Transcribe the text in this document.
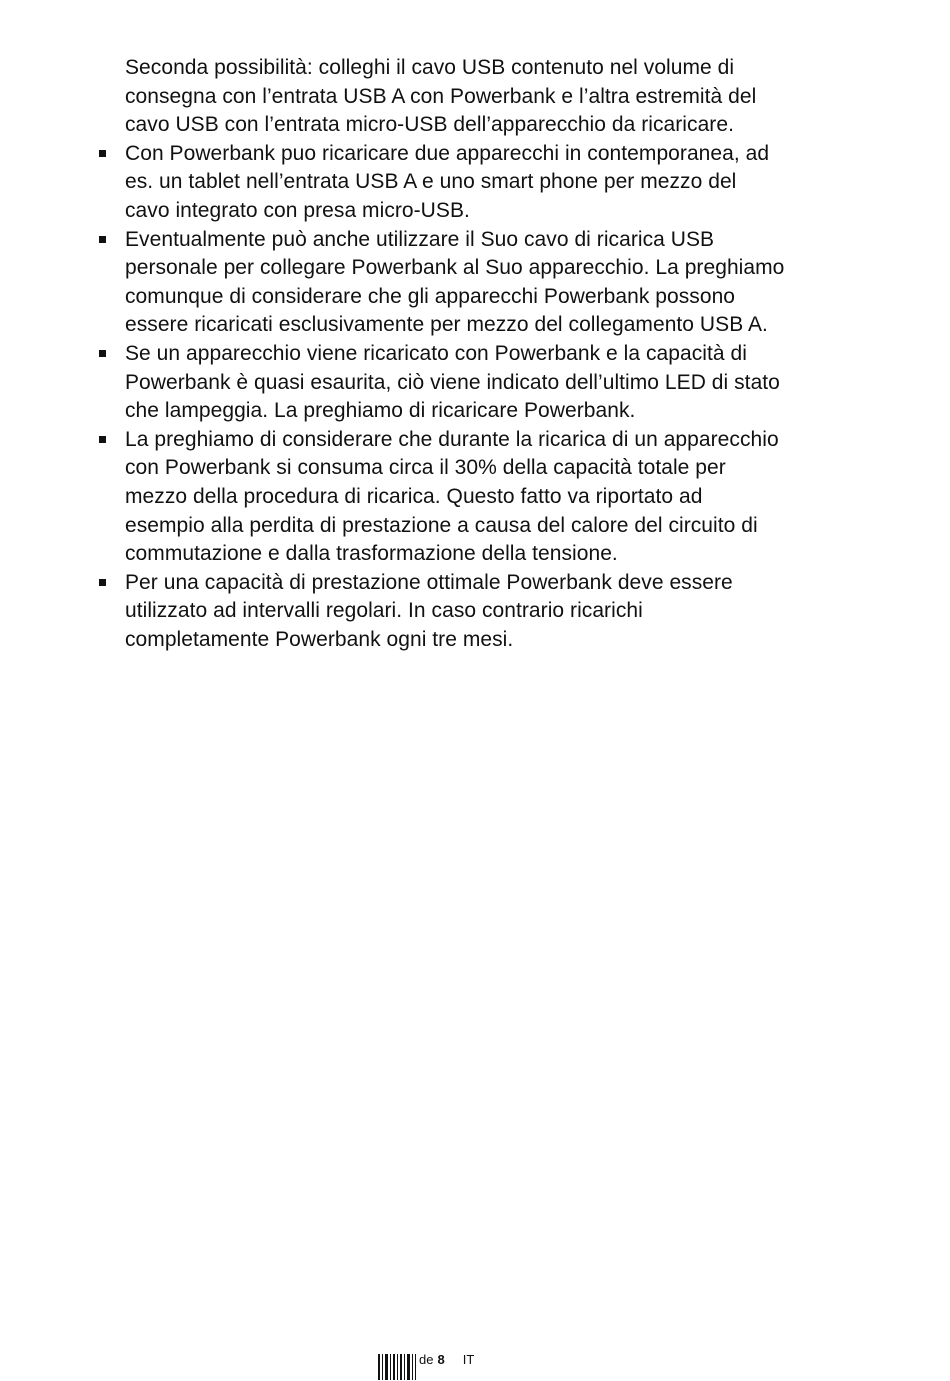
Seconda possibilità: colleghi il cavo USB contenuto nel volume di consegna con l’entrata USB A con Powerbank e l’altra estremità del cavo USB con l’entrata micro-USB dell’apparecchio da ricaricare.

Con Powerbank puo ricaricare due apparecchi in contemporanea, ad es. un tablet nell’entrata USB A e uno smart phone per mezzo del cavo integrato con presa micro-USB.
Eventualmente può anche utilizzare il Suo cavo di ricarica USB personale per collegare Powerbank al Suo apparecchio. La preghiamo comunque di considerare che gli apparecchi Powerbank possono essere ricaricati esclusivamente per mezzo del collegamento USB A.
Se un apparecchio viene ricaricato con Powerbank e la capacità di Powerbank è quasi esaurita, ciò viene indicato dell’ultimo LED di stato che lampeggia. La preghiamo di ricaricare Powerbank.
La preghiamo di considerare che durante la ricarica di un apparecchio con Powerbank si consuma circa il 30% della capacità totale per mezzo della procedura di ricarica. Questo fatto va riportato ad esempio alla perdita di prestazione a causa del calore del circuito di commutazione e dalla trasformazione della tensione.
Per una capacità di prestazione ottimale Powerbank deve essere utilizzato ad intervalli regolari. In caso contrario ricarichi completamente Powerbank ogni tre mesi.
de 8 IT
